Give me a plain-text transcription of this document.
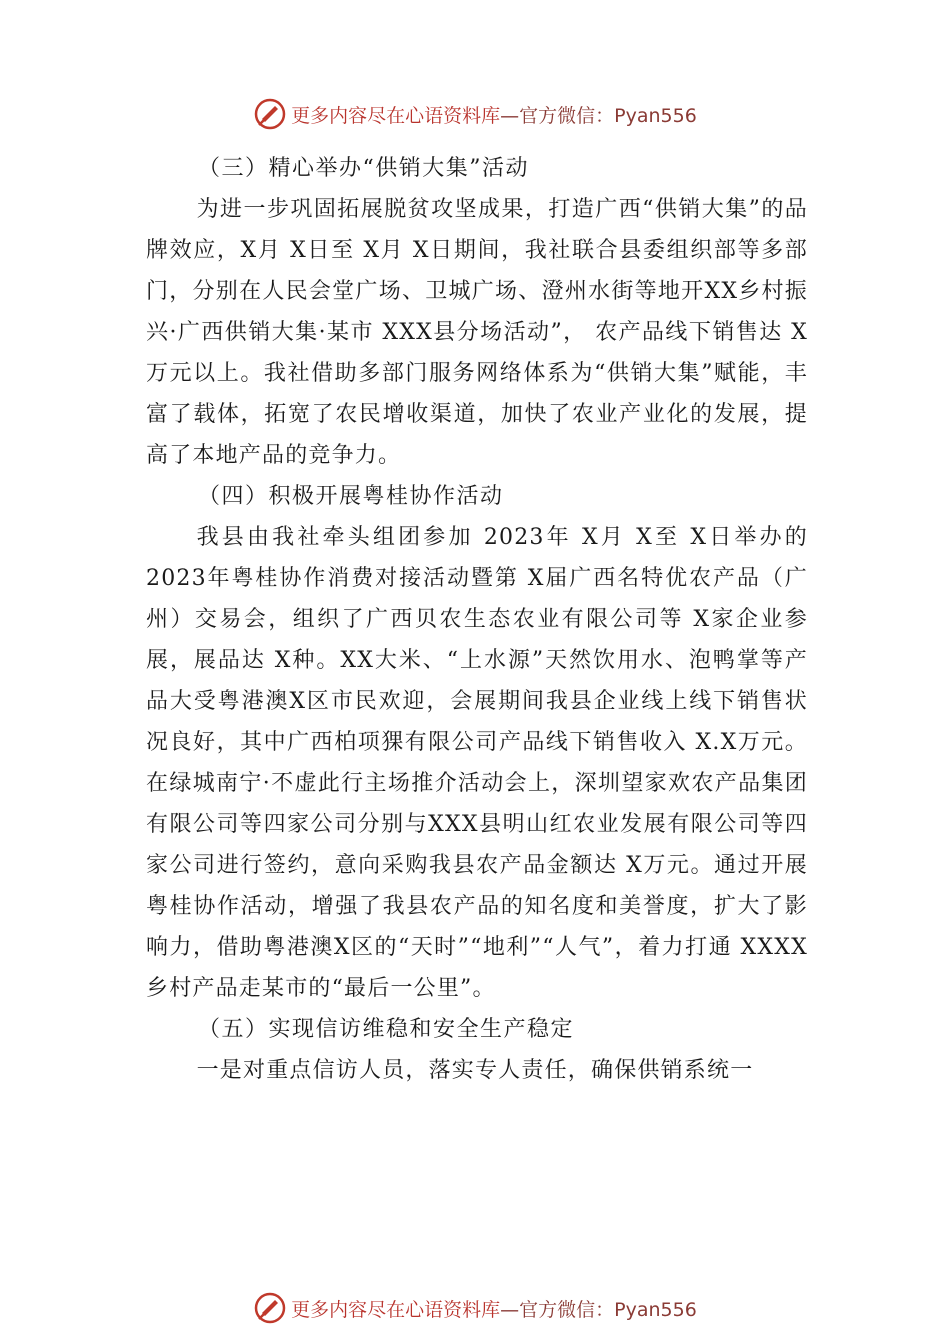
更多内容尽在心语资料库 —官方微信：Pyan556

（三）精心举办“供销大集”活动

为进一步巩固拓展脱贫攻坚成果，打造广西“供销大集”的品牌效应，X月 X日至 X月 X日期间，我社联合县委组织部等多部门，分别在人民会堂广场、卫城广场、澄州水街等地开XX乡村振兴·广西供销大集·某市 XXX县分场活动”， 农产品线下销售达 X万元以上。我社借助多部门服务网络体系为“供销大集”赋能，丰富了载体，拓宽了农民增收渠道，加快了农业产业化的发展，提高了本地产品的竞争力。

（四）积极开展粤桂协作活动

我县由我社牵头组团参加 2023年 X月 X至 X日举办的 2023年粤桂协作消费对接活动暨第 X届广西名特优农产品（广州）交易会，组织了广西贝农生态农业有限公司等 X家企业参展，展品达 X种。XX大米、“上水源”天然饮用水、泡鸭掌等产品大受粤港澳X区市民欢迎，会展期间我县企业线上线下销售状况良好，其中广西柏项猓有限公司产品线下销售收入 X.X万元。在绿城南宁·不虚此行主场推介活动会上，深圳望家欢农产品集团有限公司等四家公司分别与XXX县明山红农业发展有限公司等四家公司进行签约，意向采购我县农产品金额达 X万元。通过开展粤桂协作活动，增强了我县农产品的知名度和美誉度，扩大了影响力，借助粤港澳X区的“天时”“地利”“人气”，着力打通 XXXX乡村产品走某市的“最后一公里”。

（五）实现信访维稳和安全生产稳定

一是对重点信访人员，落实专人责任，确保供销系统一

更多内容尽在心语资料库 —官方微信：Pyan556
